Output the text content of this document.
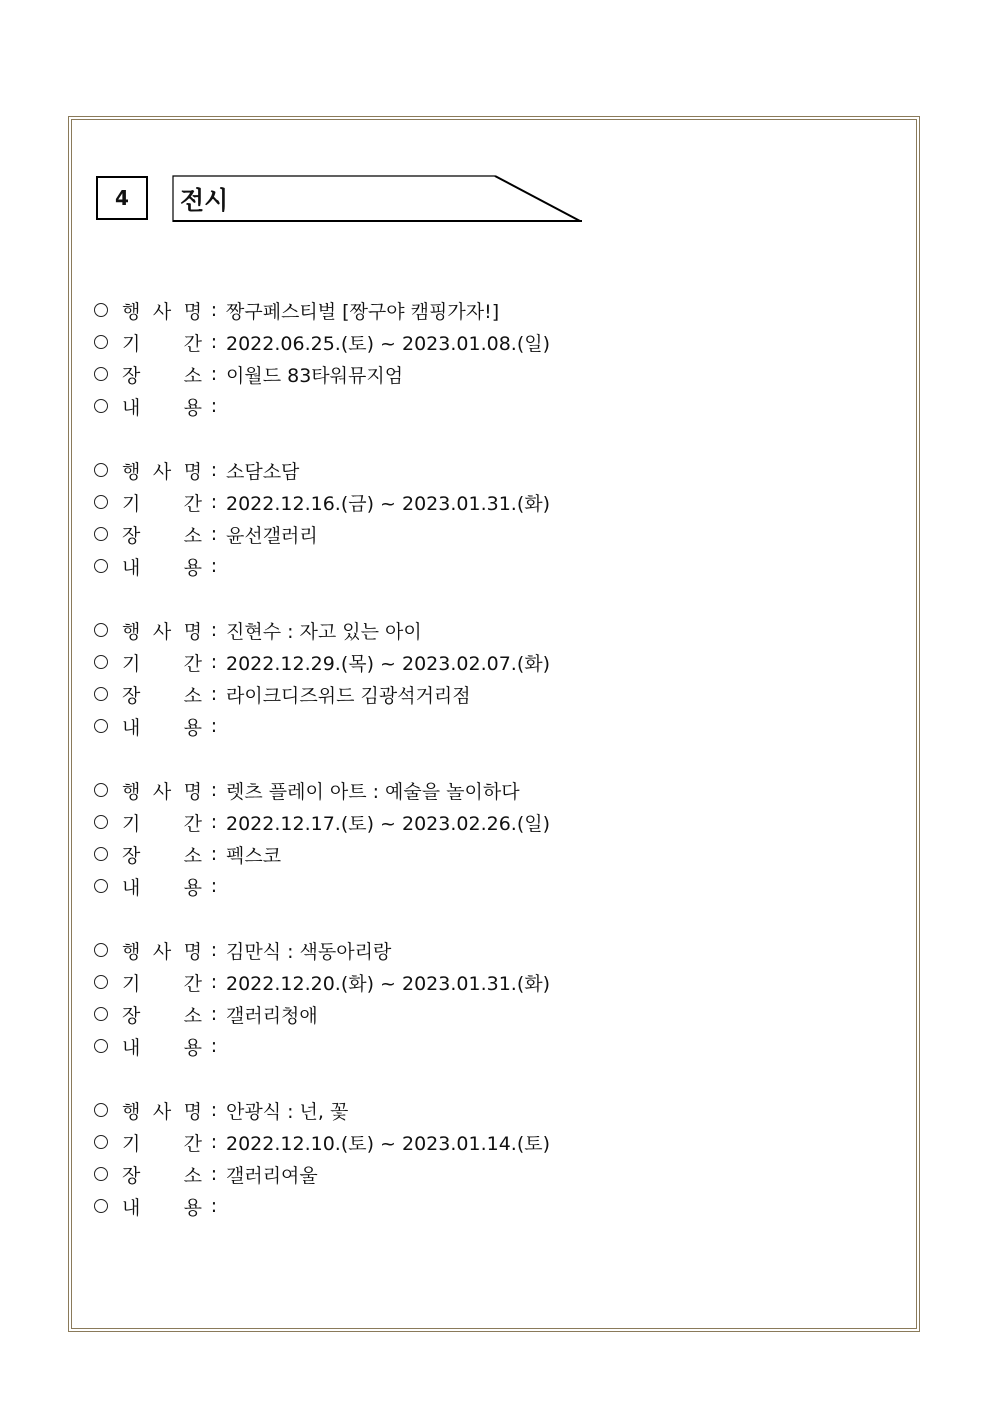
4	전시
행 사 명 : 짱구페스티벌 [짱구야 캠핑가자!]
기 간 : 2022.06.25.(토) ~ 2023.01.08.(일)
장 소 : 이월드 83타워뮤지엄
내 용 :
행 사 명 : 소담소담
기 간 : 2022.12.16.(금) ~ 2023.01.31.(화)
장 소 : 윤선갤러리
내 용 :
행 사 명 : 진현수 : 자고 있는 아이
기 간 : 2022.12.29.(목) ~ 2023.02.07.(화)
장 소 : 라이크디즈위드 김광석거리점
내 용 :
행 사 명 : 렛츠 플레이 아트 : 예술을 놀이하다
기 간 : 2022.12.17.(토) ~ 2023.02.26.(일)
장 소 : 펙스코
내 용 :
행 사 명 : 김만식 : 색동아리랑
기 간 : 2022.12.20.(화) ~ 2023.01.31.(화)
장 소 : 갤러리청애
내 용 :
행 사 명 : 안광식 : 넌, 꽃
기 간 : 2022.12.10.(토) ~ 2023.01.14.(토)
장 소 : 갤러리여울
내 용 :
